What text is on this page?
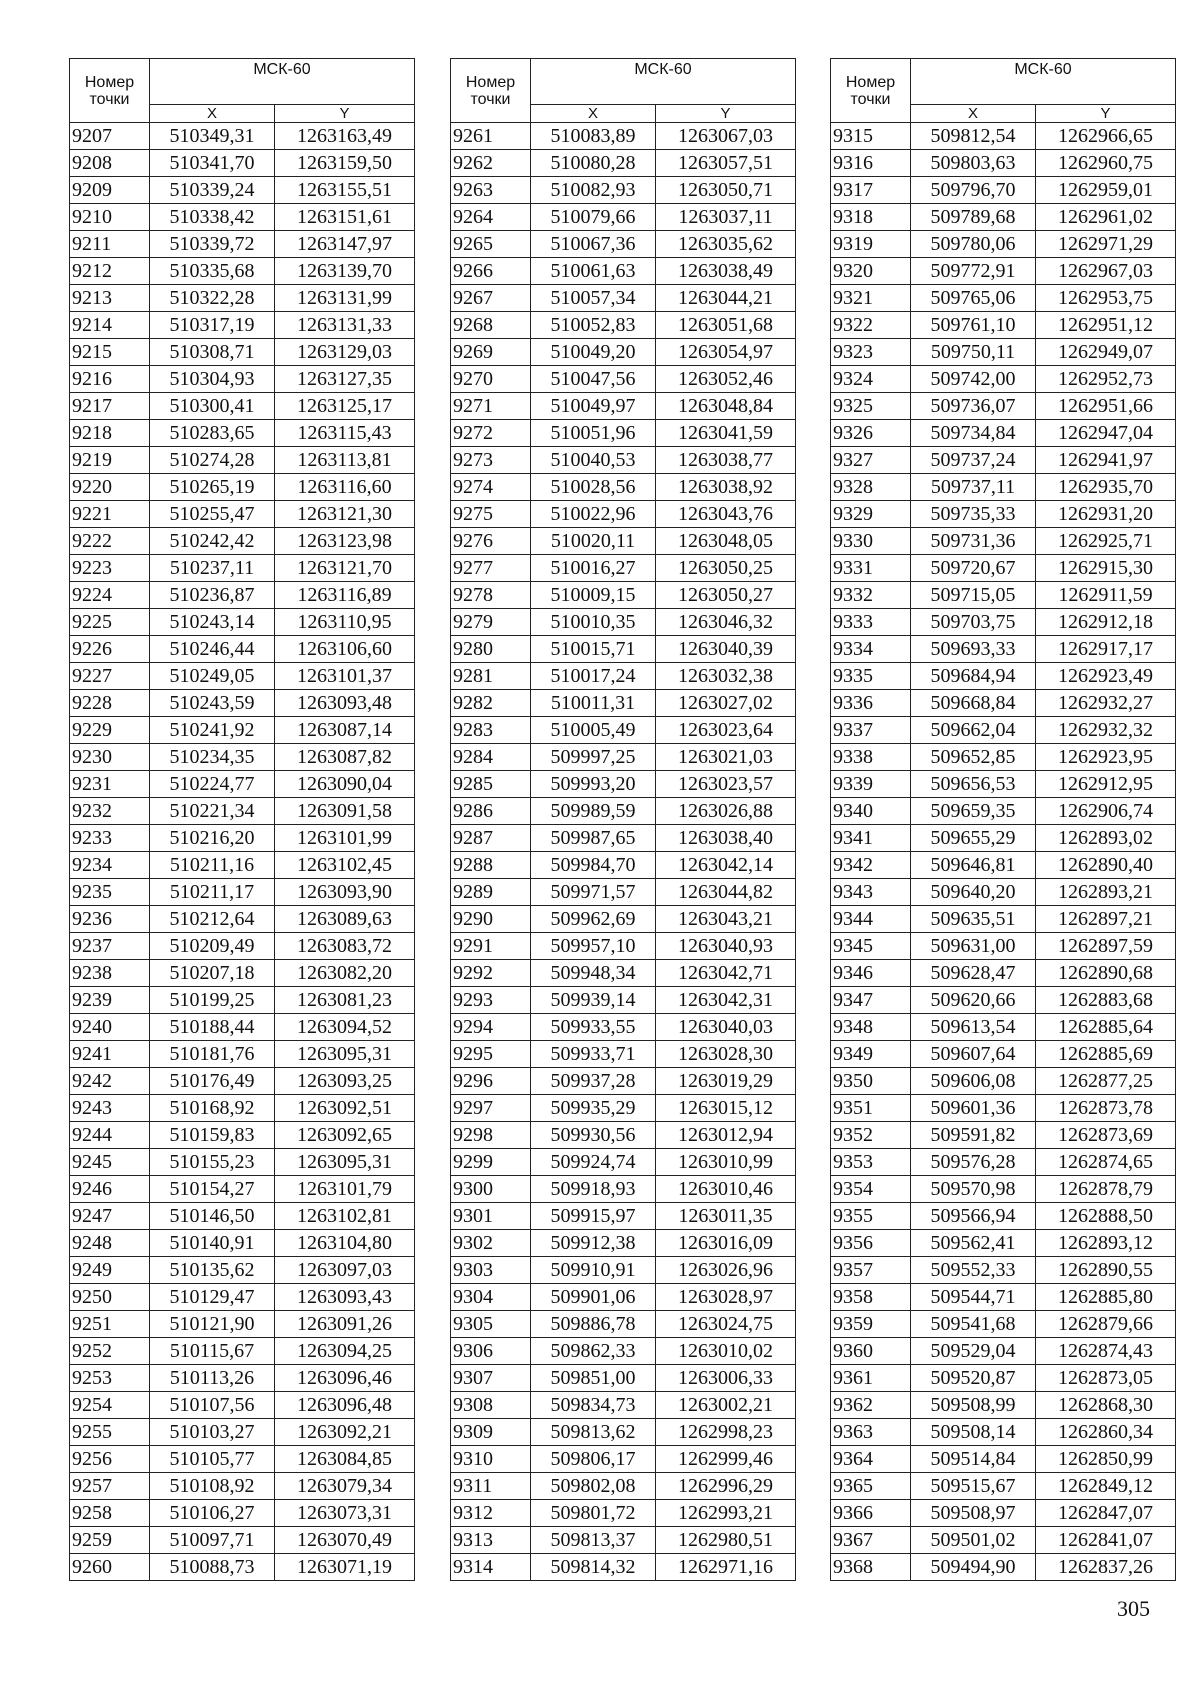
Номер
точки	МСК-60	
	X	Y
9207	510349,31	1263163,49
9208	510341,70	1263159,50
9209	510339,24	1263155,51
9210	510338,42	1263151,61
9211	510339,72	1263147,97
9212	510335,68	1263139,70
9213	510322,28	1263131,99
9214	510317,19	1263131,33
9215	510308,71	1263129,03
9216	510304,93	1263127,35
9217	510300,41	1263125,17
9218	510283,65	1263115,43
9219	510274,28	1263113,81
9220	510265,19	1263116,60
9221	510255,47	1263121,30
9222	510242,42	1263123,98
9223	510237,11	1263121,70
9224	510236,87	1263116,89
9225	510243,14	1263110,95
9226	510246,44	1263106,60
9227	510249,05	1263101,37
9228	510243,59	1263093,48
9229	510241,92	1263087,14
9230	510234,35	1263087,82
9231	510224,77	1263090,04
9232	510221,34	1263091,58
9233	510216,20	1263101,99
9234	510211,16	1263102,45
9235	510211,17	1263093,90
9236	510212,64	1263089,63
9237	510209,49	1263083,72
9238	510207,18	1263082,20
9239	510199,25	1263081,23
9240	510188,44	1263094,52
9241	510181,76	1263095,31
9242	510176,49	1263093,25
9243	510168,92	1263092,51
9244	510159,83	1263092,65
9245	510155,23	1263095,31
9246	510154,27	1263101,79
9247	510146,50	1263102,81
9248	510140,91	1263104,80
9249	510135,62	1263097,03
9250	510129,47	1263093,43
9251	510121,90	1263091,26
9252	510115,67	1263094,25
9253	510113,26	1263096,46
9254	510107,56	1263096,48
9255	510103,27	1263092,21
9256	510105,77	1263084,85
9257	510108,92	1263079,34
9258	510106,27	1263073,31
9259	510097,71	1263070,49
9260	510088,73	1263071,19
Номер
точки	МСК-60	
	X	Y
9261	510083,89	1263067,03
9262	510080,28	1263057,51
9263	510082,93	1263050,71
9264	510079,66	1263037,11
9265	510067,36	1263035,62
9266	510061,63	1263038,49
9267	510057,34	1263044,21
9268	510052,83	1263051,68
9269	510049,20	1263054,97
9270	510047,56	1263052,46
9271	510049,97	1263048,84
9272	510051,96	1263041,59
9273	510040,53	1263038,77
9274	510028,56	1263038,92
9275	510022,96	1263043,76
9276	510020,11	1263048,05
9277	510016,27	1263050,25
9278	510009,15	1263050,27
9279	510010,35	1263046,32
9280	510015,71	1263040,39
9281	510017,24	1263032,38
9282	510011,31	1263027,02
9283	510005,49	1263023,64
9284	509997,25	1263021,03
9285	509993,20	1263023,57
9286	509989,59	1263026,88
9287	509987,65	1263038,40
9288	509984,70	1263042,14
9289	509971,57	1263044,82
9290	509962,69	1263043,21
9291	509957,10	1263040,93
9292	509948,34	1263042,71
9293	509939,14	1263042,31
9294	509933,55	1263040,03
9295	509933,71	1263028,30
9296	509937,28	1263019,29
9297	509935,29	1263015,12
9298	509930,56	1263012,94
9299	509924,74	1263010,99
9300	509918,93	1263010,46
9301	509915,97	1263011,35
9302	509912,38	1263016,09
9303	509910,91	1263026,96
9304	509901,06	1263028,97
9305	509886,78	1263024,75
9306	509862,33	1263010,02
9307	509851,00	1263006,33
9308	509834,73	1263002,21
9309	509813,62	1262998,23
9310	509806,17	1262999,46
9311	509802,08	1262996,29
9312	509801,72	1262993,21
9313	509813,37	1262980,51
9314	509814,32	1262971,16
Номер
точки	МСК-60	
	X	Y
9315	509812,54	1262966,65
9316	509803,63	1262960,75
9317	509796,70	1262959,01
9318	509789,68	1262961,02
9319	509780,06	1262971,29
9320	509772,91	1262967,03
9321	509765,06	1262953,75
9322	509761,10	1262951,12
9323	509750,11	1262949,07
9324	509742,00	1262952,73
9325	509736,07	1262951,66
9326	509734,84	1262947,04
9327	509737,24	1262941,97
9328	509737,11	1262935,70
9329	509735,33	1262931,20
9330	509731,36	1262925,71
9331	509720,67	1262915,30
9332	509715,05	1262911,59
9333	509703,75	1262912,18
9334	509693,33	1262917,17
9335	509684,94	1262923,49
9336	509668,84	1262932,27
9337	509662,04	1262932,32
9338	509652,85	1262923,95
9339	509656,53	1262912,95
9340	509659,35	1262906,74
9341	509655,29	1262893,02
9342	509646,81	1262890,40
9343	509640,20	1262893,21
9344	509635,51	1262897,21
9345	509631,00	1262897,59
9346	509628,47	1262890,68
9347	509620,66	1262883,68
9348	509613,54	1262885,64
9349	509607,64	1262885,69
9350	509606,08	1262877,25
9351	509601,36	1262873,78
9352	509591,82	1262873,69
9353	509576,28	1262874,65
9354	509570,98	1262878,79
9355	509566,94	1262888,50
9356	509562,41	1262893,12
9357	509552,33	1262890,55
9358	509544,71	1262885,80
9359	509541,68	1262879,66
9360	509529,04	1262874,43
9361	509520,87	1262873,05
9362	509508,99	1262868,30
9363	509508,14	1262860,34
9364	509514,84	1262850,99
9365	509515,67	1262849,12
9366	509508,97	1262847,07
9367	509501,02	1262841,07
9368	509494,90	1262837,26
305
